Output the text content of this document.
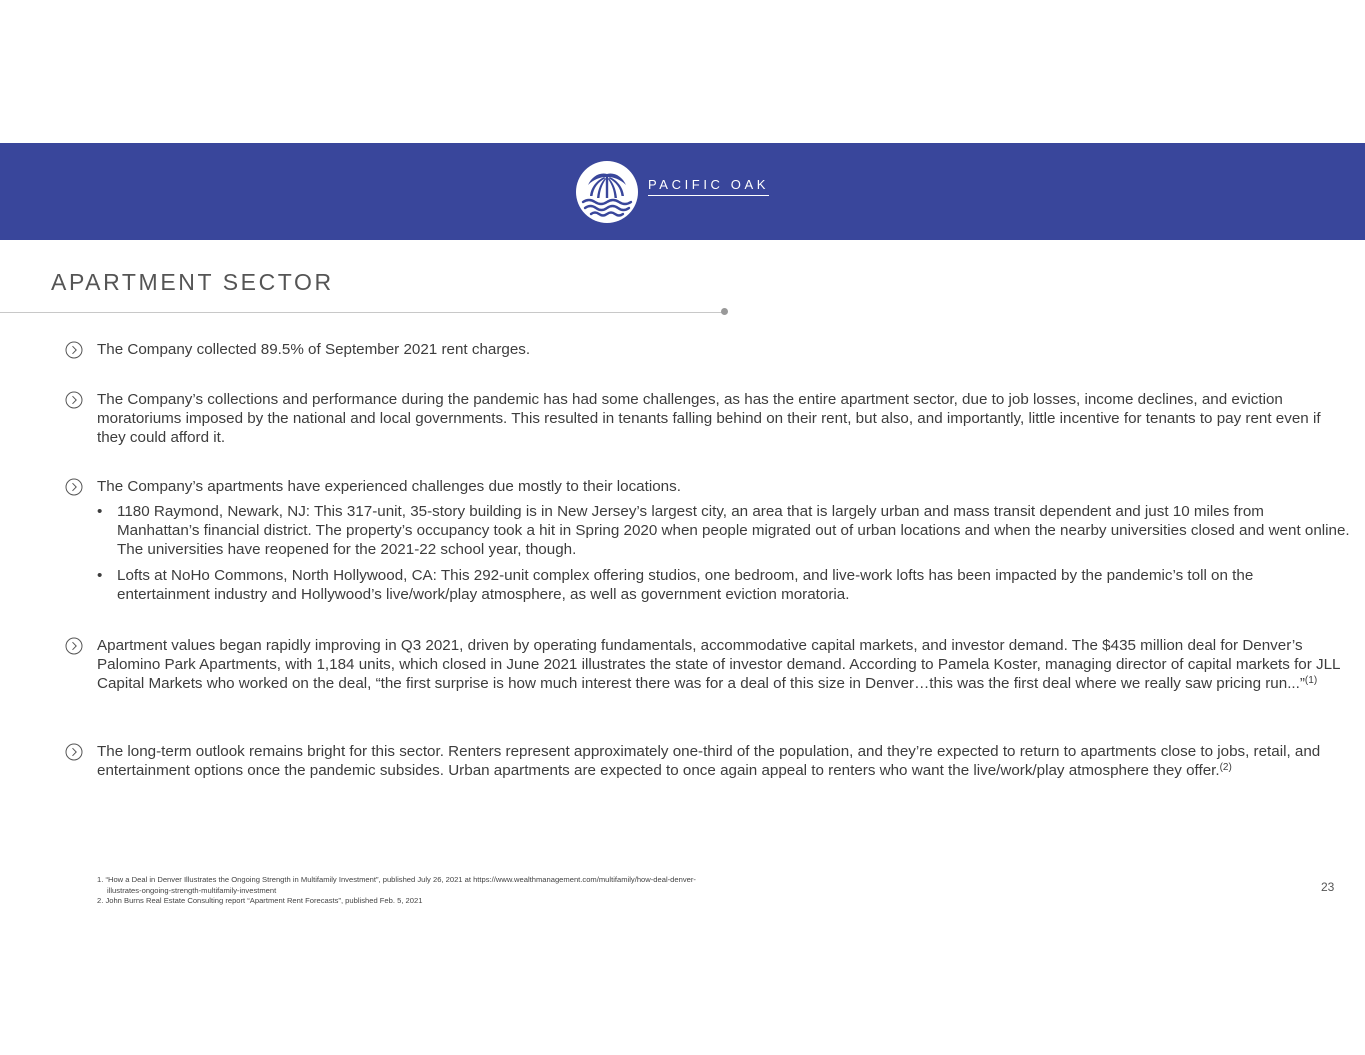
PACIFIC OAK
APARTMENT SECTOR
The Company collected 89.5% of September 2021 rent charges.
The Company’s collections and performance during the pandemic has had some challenges, as has the entire apartment sector, due to job losses, income declines, and eviction moratoriums imposed by the national and local governments. This resulted in tenants falling behind on their rent, but also, and importantly, little incentive for tenants to pay rent even if they could afford it.
The Company’s apartments have experienced challenges due mostly to their locations.
• 1180 Raymond, Newark, NJ: This 317-unit, 35-story building is in New Jersey’s largest city, an area that is largely urban and mass transit dependent and just 10 miles from Manhattan’s financial district. The property’s occupancy took a hit in Spring 2020 when people migrated out of urban locations and when the nearby universities closed and went online. The universities have reopened for the 2021-22 school year, though.
• Lofts at NoHo Commons, North Hollywood, CA: This 292-unit complex offering studios, one bedroom, and live-work lofts has been impacted by the pandemic’s toll on the entertainment industry and Hollywood’s live/work/play atmosphere, as well as government eviction moratoria.
Apartment values began rapidly improving in Q3 2021, driven by operating fundamentals, accommodative capital markets, and investor demand. The $435 million deal for Denver’s Palomino Park Apartments, with 1,184 units, which closed in June 2021 illustrates the state of investor demand. According to Pamela Koster, managing director of capital markets for JLL Capital Markets who worked on the deal, “the first surprise is how much interest there was for a deal of this size in Denver…this was the first deal where we really saw pricing run...”$^{(1)}$
The long-term outlook remains bright for this sector. Renters represent approximately one-third of the population, and they’re expected to return to apartments close to jobs, retail, and entertainment options once the pandemic subsides. Urban apartments are expected to once again appeal to renters who want the live/work/play atmosphere they offer.$^{(2)}$
1. “How a Deal in Denver Illustrates the Ongoing Strength in Multifamily Investment”, published July 26, 2021 at https://www.wealthmanagement.com/multifamily/how-deal-denver-
illustrates-ongoing-strength-multifamily-investment
2. John Burns Real Estate Consulting report “Apartment Rent Forecasts”, published Feb. 5, 2021
23
